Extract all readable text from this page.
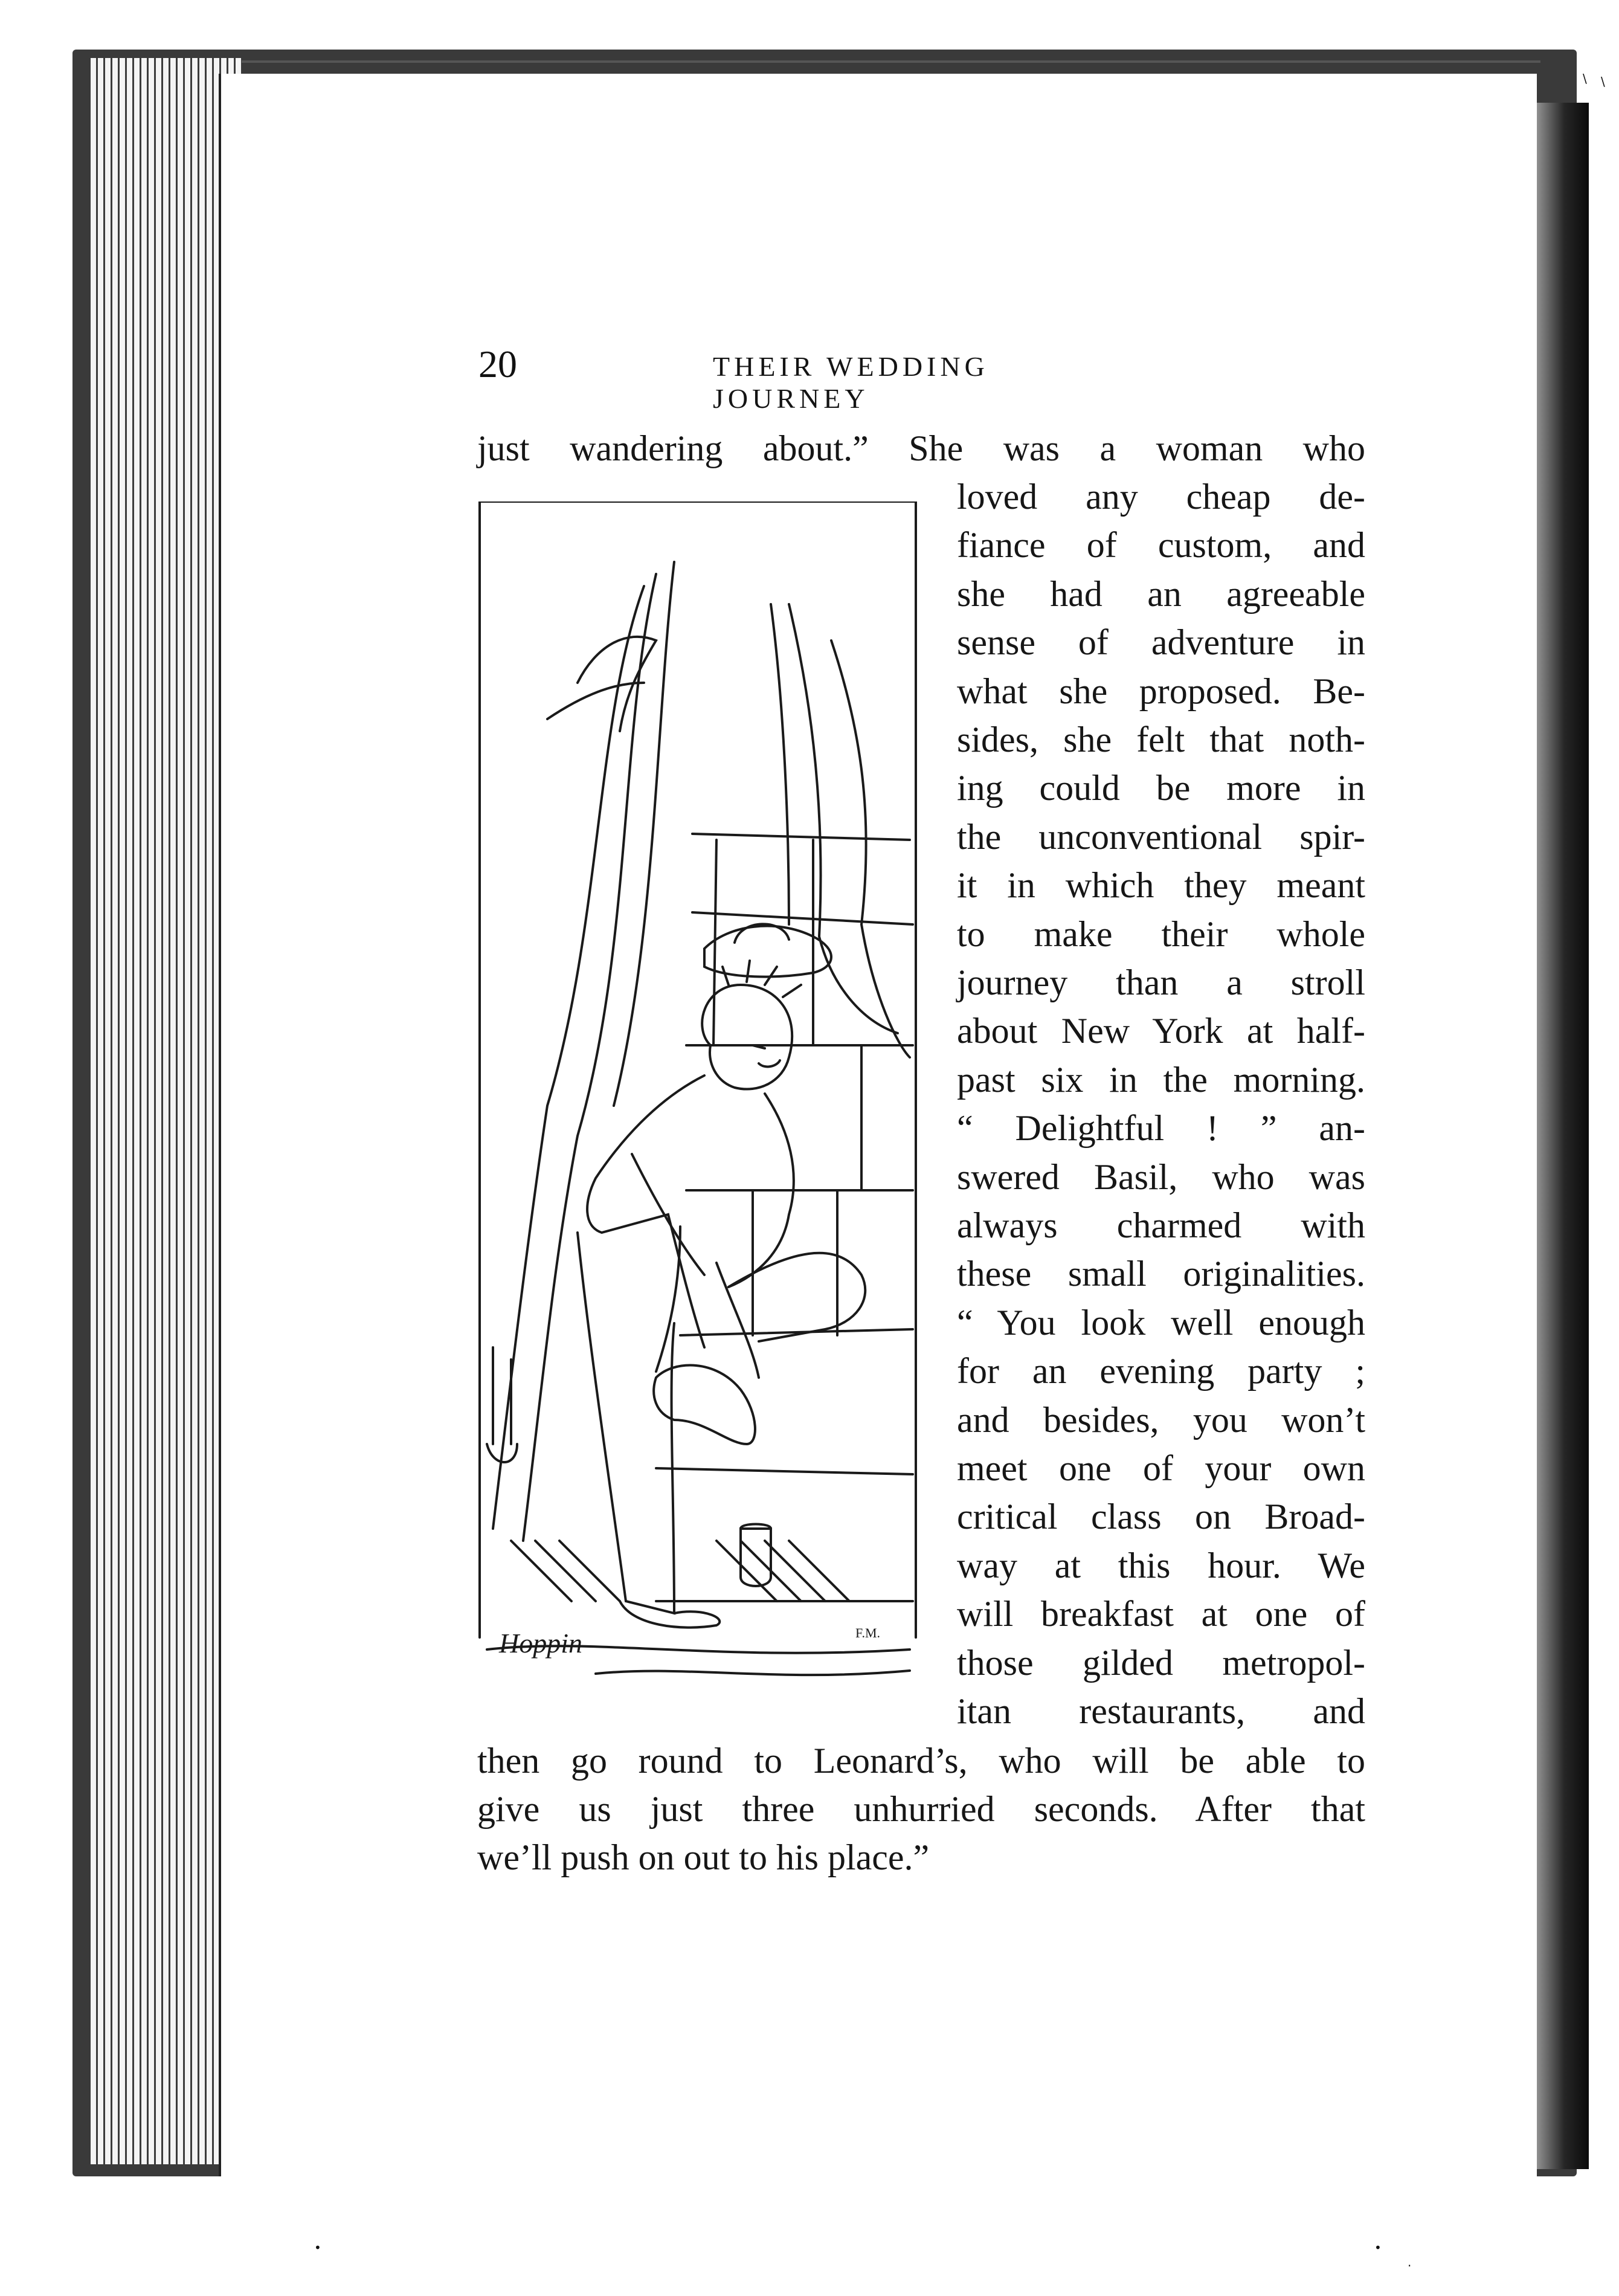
\ \
•	•
·
20	THEIR WEDDING JOURNEY
just wandering about.” She was a woman who
Hoppin	F.M.
loved any cheap de-
fiance of custom, and
she had an agreeable
sense of adventure in
what she proposed. Be-
sides, she felt that noth-
ing could be more in
the unconventional spir-
it in which they meant
to make their whole
journey than a stroll
about New York at half-
past six in the morning.
“ Delightful ! ” an-
swered Basil, who was
always charmed with
these small originalities.
“ You look well enough
for an evening party ;
and besides, you won’t
meet one of your own
critical class on Broad-
way at this hour. We
will breakfast at one of
those gilded metropol-
itan restaurants, and
then go round to Leonard’s, who will be able to
give us just three unhurried seconds. After that
we’ll push on out to his place.”
